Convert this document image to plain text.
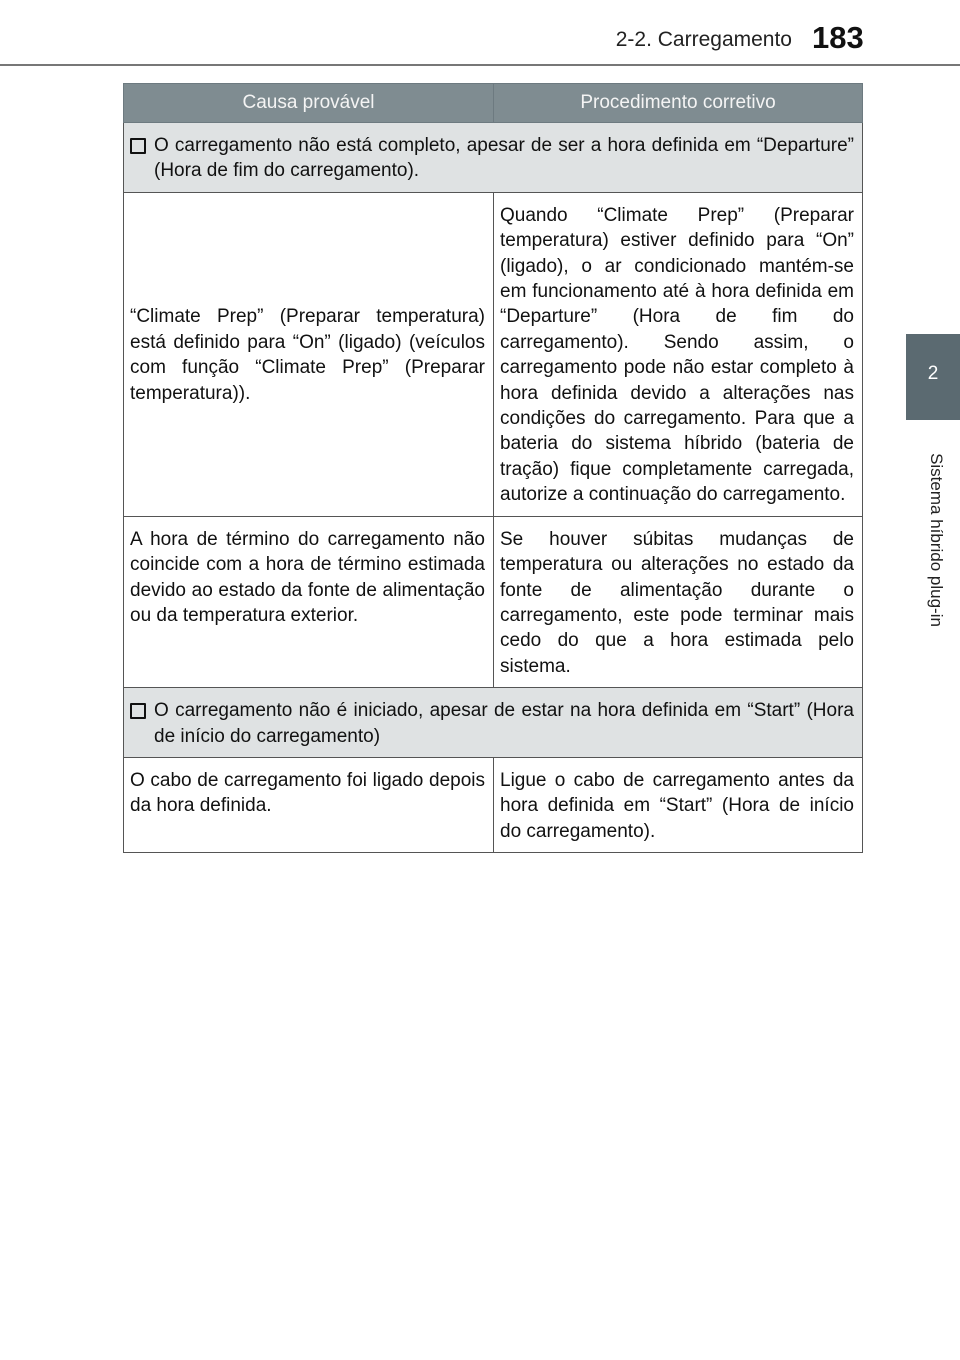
2-2. Carregamento 183
2
Sistema híbrido plug-in
Causa provável	Procedimento corretivo

O carregamento não está completo, apesar de ser a hora definida em “Departure” (Hora de fim do carregamento).	

“Climate Prep” (Preparar temperatura) está definido para “On” (ligado) (veículos com função “Climate Prep” (Preparar temperatura)).	Quando “Climate Prep” (Preparar temperatura) estiver definido para “On” (ligado), o ar condicionado mantém-se em funcionamento até à hora definida em “Departure” (Hora de fim do carregamento). Sendo assim, o carregamento pode não estar completo à hora definida devido a alterações nas condições do carregamento. Para que a bateria do sistema híbrido (bateria de tração) fique completamente carregada, autorize a continuação do carregamento.
A hora de término do carregamento não coincide com a hora de término estimada devido ao estado da fonte de alimentação ou da temperatura exterior.	Se houver súbitas mudanças de temperatura ou alterações no estado da fonte de alimentação durante o carregamento, este pode terminar mais cedo do que a hora estimada pelo sistema.

O carregamento não é iniciado, apesar de estar na hora definida em “Start” (Hora de início do carregamento)	

O cabo de carregamento foi ligado depois da hora definida.	Ligue o cabo de carregamento antes da hora definida em “Start” (Hora de início do carregamento).
